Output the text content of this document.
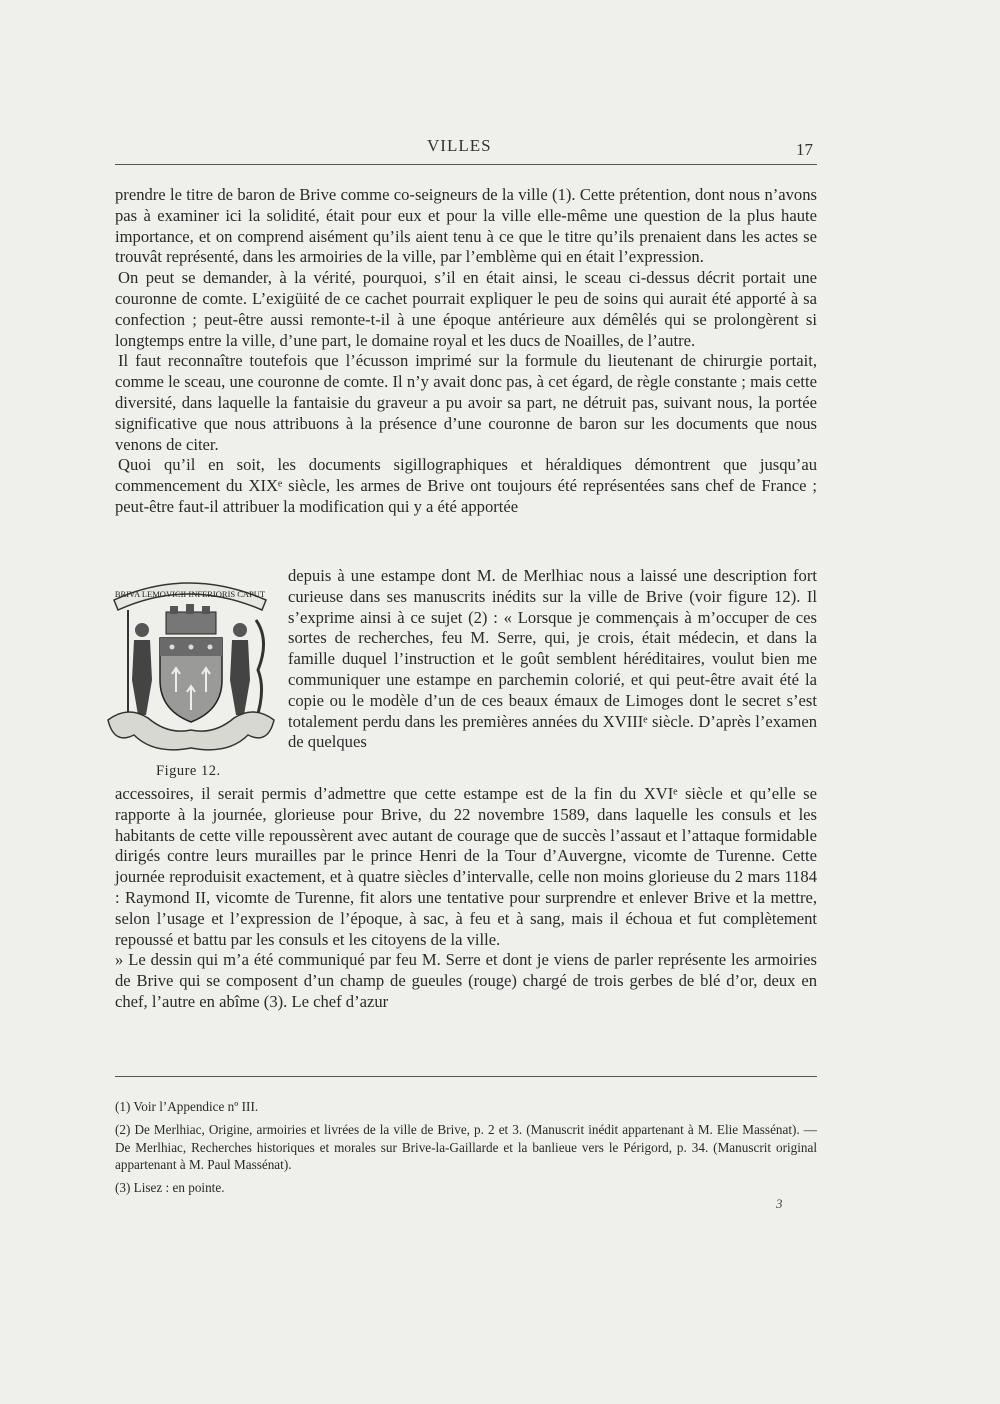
VILLES	17

prendre le titre de baron de Brive comme co-seigneurs de la ville (1). Cette prétention, dont nous n’avons pas à examiner ici la solidité, était pour eux et pour la ville elle-même une question de la plus haute importance, et on comprend aisément qu’ils aient tenu à ce que le titre qu’ils prenaient dans les actes se trouvât représenté, dans les armoiries de la ville, par l’emblème qui en était l’expression.

On peut se demander, à la vérité, pourquoi, s’il en était ainsi, le sceau ci-dessus décrit portait une couronne de comte. L’exigüité de ce cachet pourrait expliquer le peu de soins qui aurait été apporté à sa confection ; peut-être aussi remonte-t-il à une époque antérieure aux démêlés qui se prolongèrent si longtemps entre la ville, d’une part, le domaine royal et les ducs de Noailles, de l’autre.

Il faut reconnaître toutefois que l’écusson imprimé sur la formule du lieutenant de chirurgie portait, comme le sceau, une couronne de comte. Il n’y avait donc pas, à cet égard, de règle constante ; mais cette diversité, dans laquelle la fantaisie du graveur a pu avoir sa part, ne détruit pas, suivant nous, la portée significative que nous attribuons à la présence d’une couronne de baron sur les documents que nous venons de citer.

Quoi qu’il en soit, les documents sigillographiques et héraldiques démontrent que jusqu’au commencement du XIXᵉ siècle, les armes de Brive ont toujours été représentées sans chef de France ; peut-être faut-il attribuer la modification qui y a été apportée

BRIVA LEMOVICII INFERIORIS CAPUT

depuis à une estampe dont M. de Merlhiac nous a laissé une description fort curieuse dans ses manuscrits inédits sur la ville de Brive (voir figure 12). Il s’exprime ainsi à ce sujet (2) : « Lorsque je commençais à m’occuper de ces sortes de recherches, feu M. Serre, qui, je crois, était médecin, et dans la famille duquel l’instruction et le goût semblent héréditaires, voulut bien me communiquer une estampe en parchemin colorié, et qui peut-être avait été la copie ou le modèle d’un de ces beaux émaux de Limoges dont le secret s’est totalement perdu dans les premières années du XVIIIᵉ siècle. D’après l’examen de quelques

Figure 12.

accessoires, il serait permis d’admettre que cette estampe est de la fin du XVIᵉ siècle et qu’elle se rapporte à la journée, glorieuse pour Brive, du 22 novembre 1589, dans laquelle les consuls et les habitants de cette ville repoussèrent avec autant de courage que de succès l’assaut et l’attaque formidable dirigés contre leurs murailles par le prince Henri de la Tour d’Auvergne, vicomte de Turenne. Cette journée reproduisit exactement, et à quatre siècles d’intervalle, celle non moins glorieuse du 2 mars 1184 : Raymond II, vicomte de Turenne, fit alors une tentative pour surprendre et enlever Brive et la mettre, selon l’usage et l’expression de l’époque, à sac, à feu et à sang, mais il échoua et fut complètement repoussé et battu par les consuls et les citoyens de la ville.

» Le dessin qui m’a été communiqué par feu M. Serre et dont je viens de parler représente les armoiries de Brive qui se composent d’un champ de gueules (rouge) chargé de trois gerbes de blé d’or, deux en chef, l’autre en abîme (3). Le chef d’azur

(1) Voir l’Appendice nº III.

(2) De Merlhiac, Origine, armoiries et livrées de la ville de Brive, p. 2 et 3. (Manuscrit inédit appartenant à M. Elie Massénat). — De Merlhiac, Recherches historiques et morales sur Brive-la-Gaillarde et la banlieue vers le Périgord, p. 34. (Manuscrit original appartenant à M. Paul Massénat).

(3) Lisez : en pointe.

3
